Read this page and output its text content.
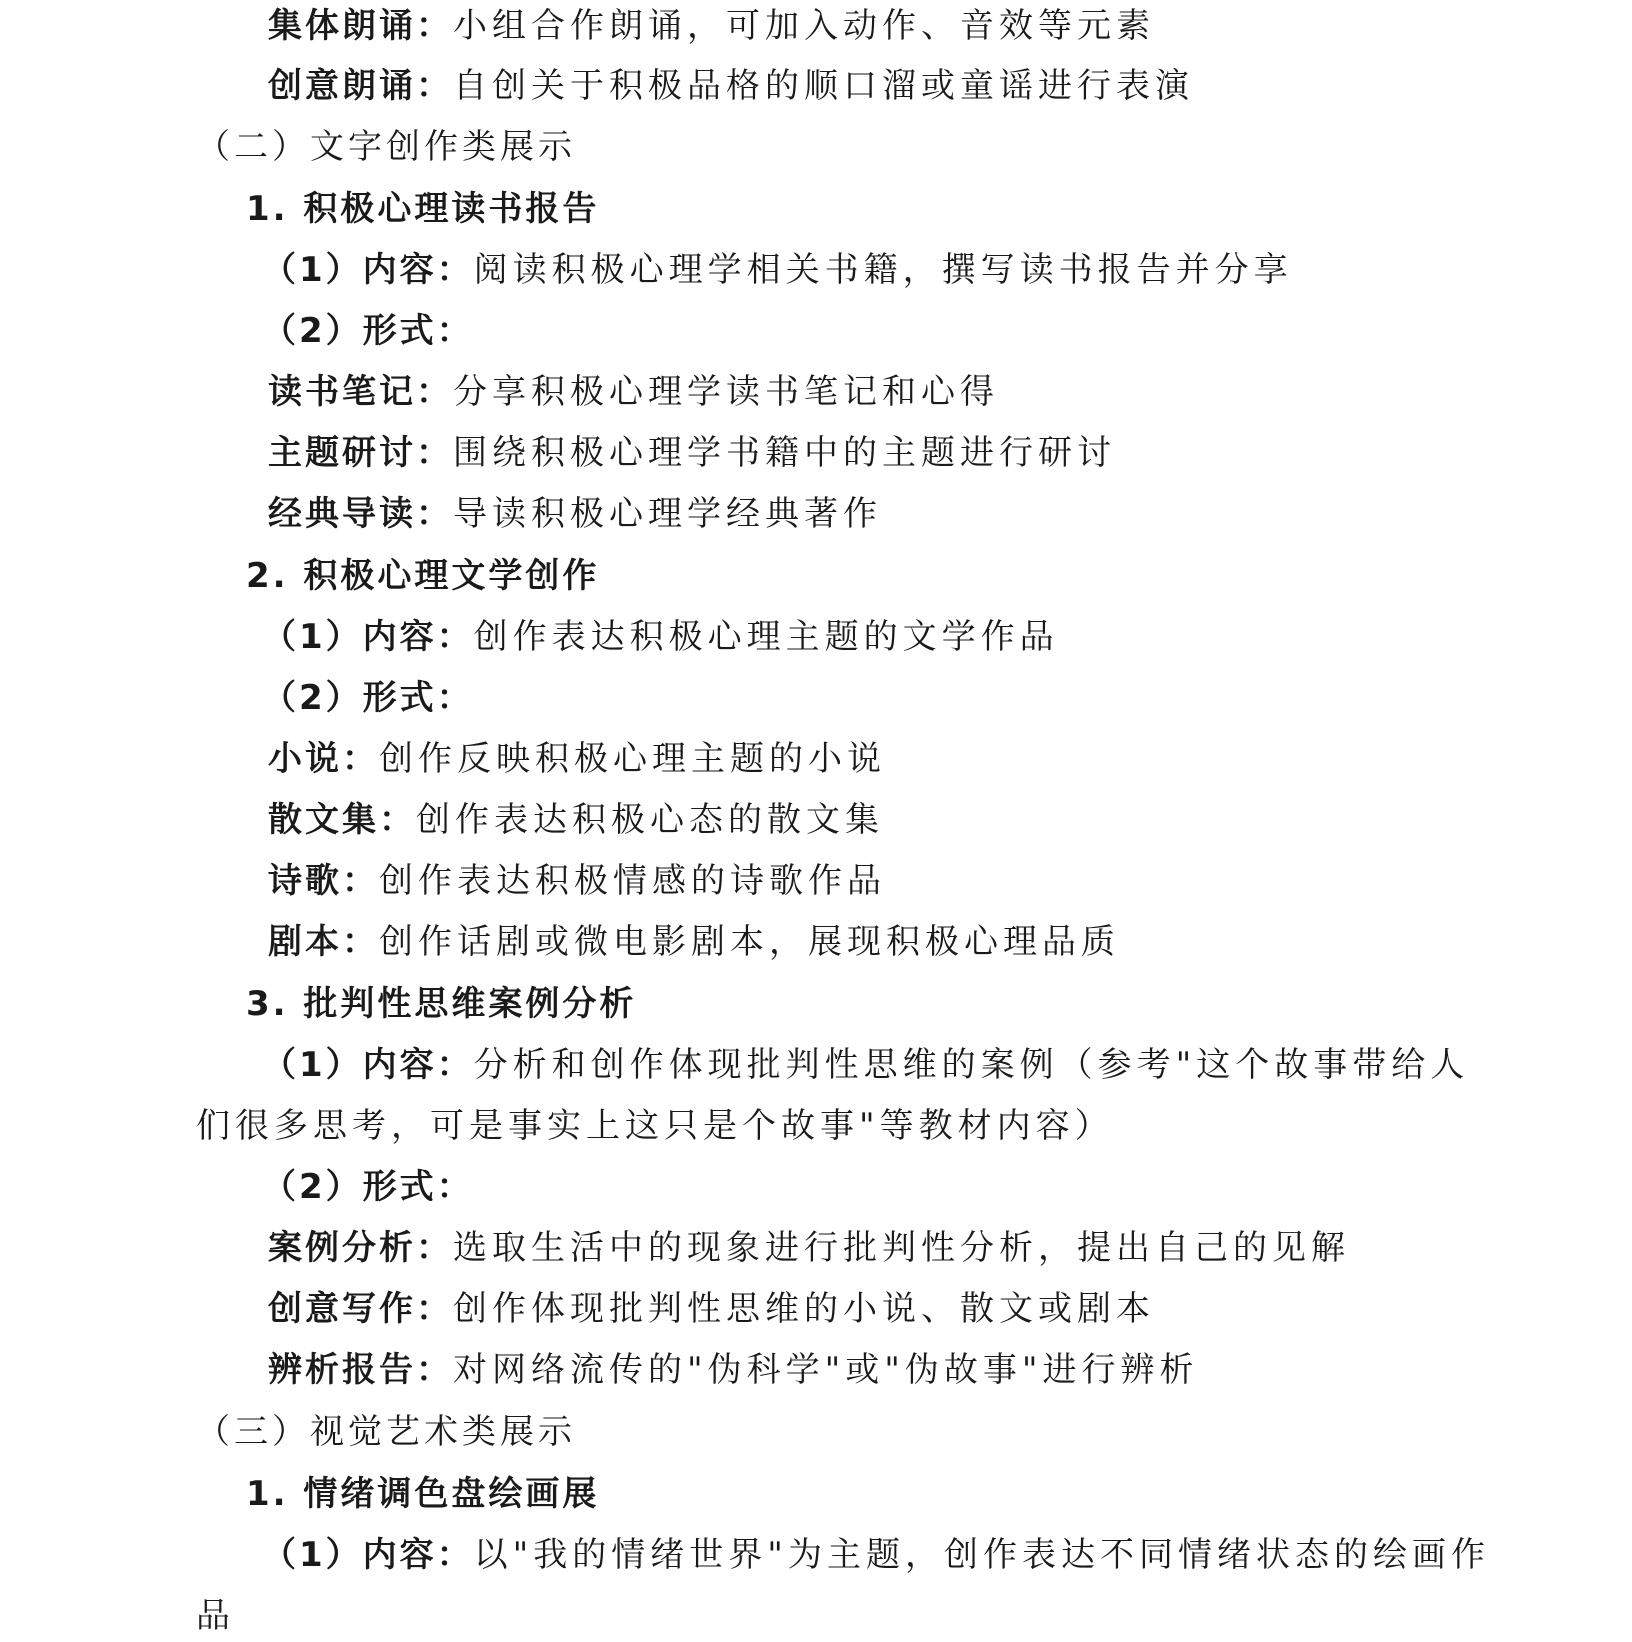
集体朗诵：小组合作朗诵，可加入动作、音效等元素
创意朗诵：自创关于积极品格的顺口溜或童谣进行表演
（二）文字创作类展示
1. 积极心理读书报告
（1）内容：阅读积极心理学相关书籍，撰写读书报告并分享
（2）形式：
读书笔记：分享积极心理学读书笔记和心得
主题研讨：围绕积极心理学书籍中的主题进行研讨
经典导读：导读积极心理学经典著作
2. 积极心理文学创作
（1）内容：创作表达积极心理主题的文学作品
（2）形式：
小说：创作反映积极心理主题的小说
散文集：创作表达积极心态的散文集
诗歌：创作表达积极情感的诗歌作品
剧本：创作话剧或微电影剧本，展现积极心理品质
3. 批判性思维案例分析
（1）内容：分析和创作体现批判性思维的案例（参考"这个故事带给人
们很多思考，可是事实上这只是个故事"等教材内容）
（2）形式：
案例分析：选取生活中的现象进行批判性分析，提出自己的见解
创意写作：创作体现批判性思维的小说、散文或剧本
辨析报告：对网络流传的"伪科学"或"伪故事"进行辨析
（三）视觉艺术类展示
1. 情绪调色盘绘画展
（1）内容：以"我的情绪世界"为主题，创作表达不同情绪状态的绘画作
品
